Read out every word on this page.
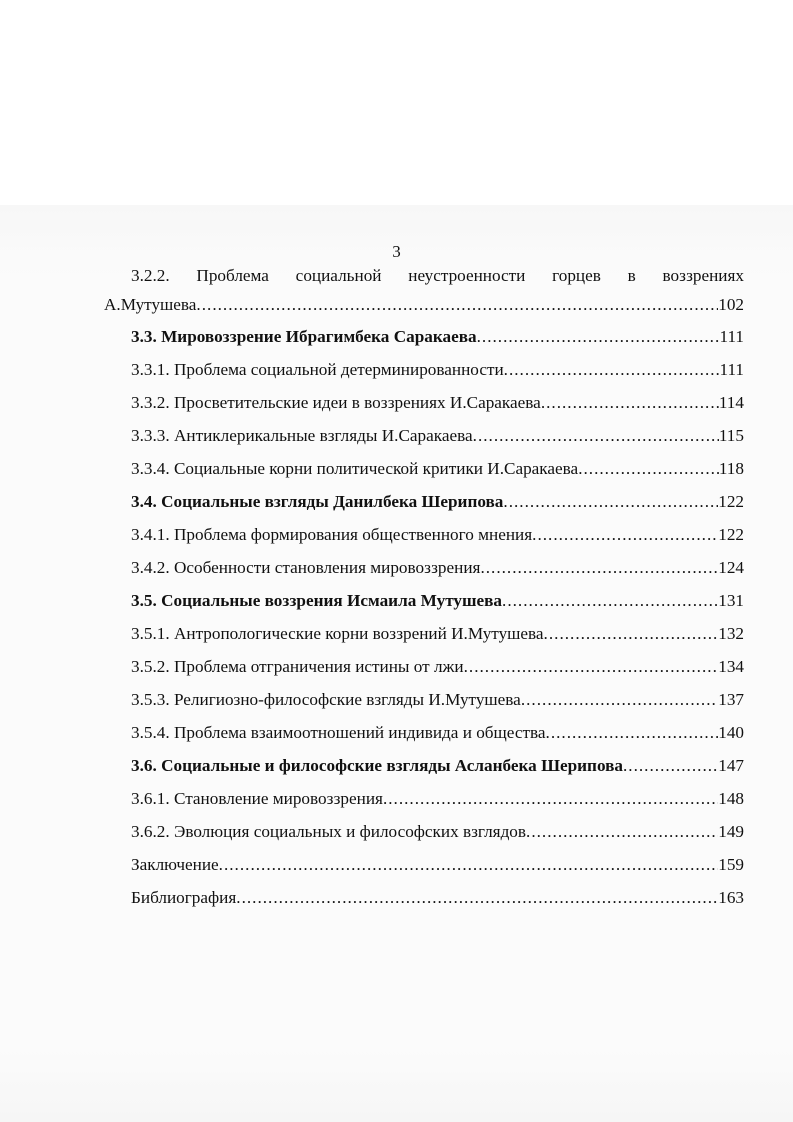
3
3.2.2. Проблема социальной неустроенности горцев в воззрениях
А.Мутушева .....	102
3.3. Мировоззрение Ибрагимбека Саракаева .....	111
3.3.1. Проблема социальной детерминированности .....	111
3.3.2. Просветительские идеи в воззрениях И.Саракаева .....	114
3.3.3. Антиклерикальные взгляды И.Саракаева .....	115
3.3.4. Социальные корни политической критики И.Саракаева .....	118
3.4. Социальные взгляды Данилбека Шерипова .....	122
3.4.1. Проблема формирования общественного мнения .....	122
3.4.2. Особенности становления мировоззрения .....	124
3.5. Социальные воззрения Исмаила Мутушева .....	131
3.5.1. Антропологические корни воззрений И.Мутушева .....	132
3.5.2. Проблема отграничения истины от лжи .....	134
3.5.3. Религиозно-философские взгляды И.Мутушева .....	137
3.5.4. Проблема взаимоотношений индивида и общества .....	140
3.6. Социальные и философские взгляды Асланбека Шерипова .....	147
3.6.1. Становление мировоззрения .....	148
3.6.2. Эволюция социальных и философских взглядов .....	149
Заключение .....	159
Библиография .....	163
